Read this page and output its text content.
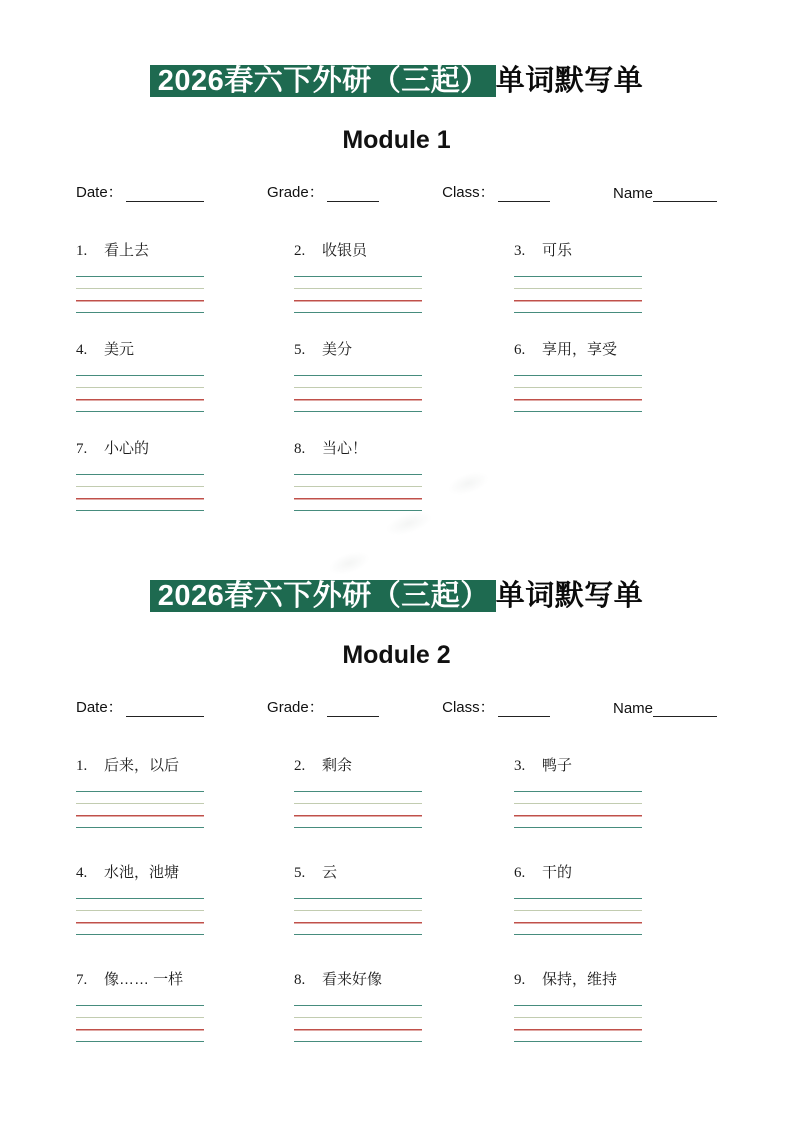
2026春六下外研（三起） 单词默写单
Module 1
Date：	Grade：	Class：	Name
1. 看上去	2. 收银员	3. 可乐
4. 美元	5. 美分	6. 享用，享受
7. 小心的	8. 当心！
2026春六下外研（三起） 单词默写单
Module 2
Date：	Grade：	Class：	Name
1. 后来，以后	2. 剩余	3. 鸭子
4. 水池，池塘	5. 云	6. 干的
7. 像…… 一样	8. 看来好像	9. 保持，维持
